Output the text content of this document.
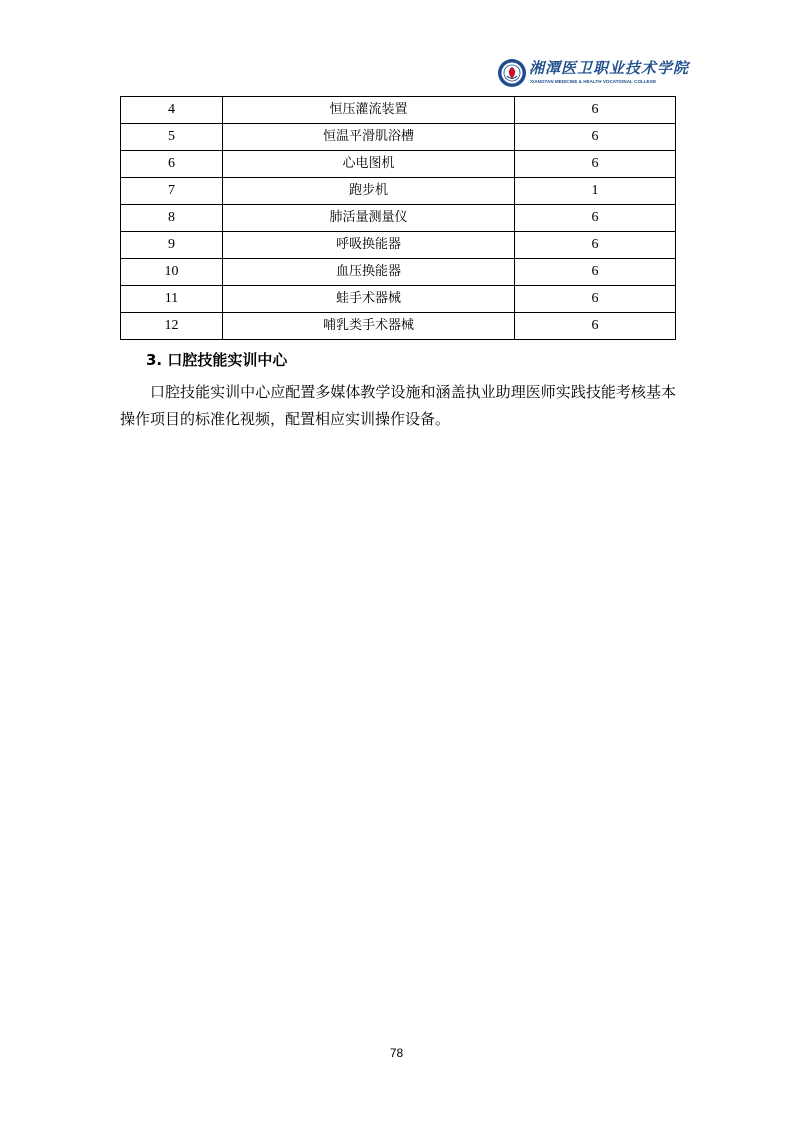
湘潭医卫职业技术学院
XIANGTAN MEDICINE & HEALTH VOCATIONAL COLLEGE
4	恒压灌流装置	6
5	恒温平滑肌浴槽	6
6	心电图机	6
7	跑步机	1
8	肺活量测量仪	6
9	呼吸换能器	6
10	血压换能器	6
11	蛙手术器械	6
12	哺乳类手术器械	6
3. 口腔技能实训中心

口腔技能实训中心应配置多媒体教学设施和涵盖执业助理医师实践技能考核基本操作项目的标准化视频，配置相应实训操作设备。

78
